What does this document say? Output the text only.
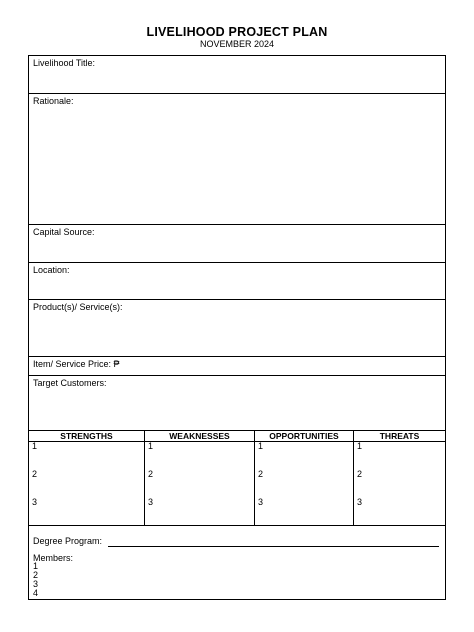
LIVELIHOOD PROJECT PLAN
NOVEMBER 2024
Livelihood Title:
Rationale:
Capital Source:
Location:
Product(s)/ Service(s):
Item/ Service Price: ₱
Target Customers:
STRENGTHS
1
2
3
WEAKNESSES
1
2
3
OPPORTUNITIES
1
2
3
THREATS
1
2
3
Degree Program:
Members:
1
2
3
4
